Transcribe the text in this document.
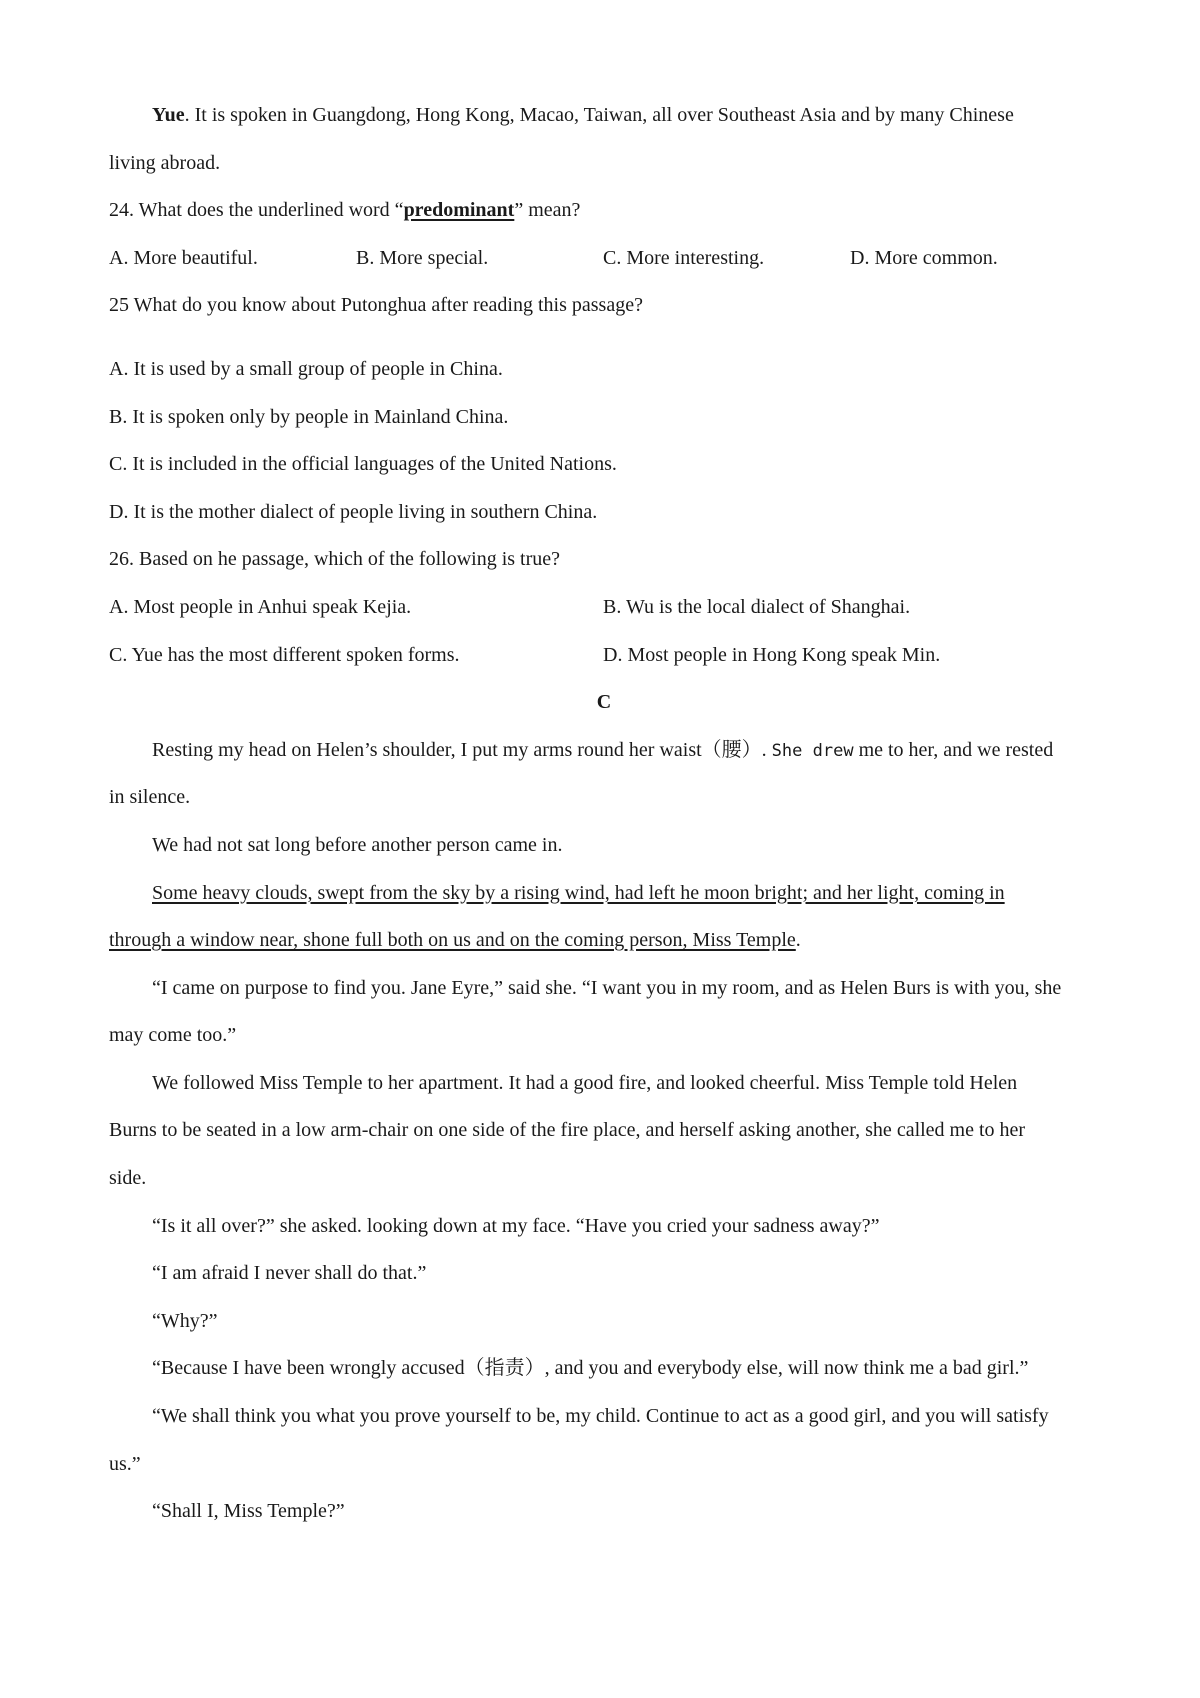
Yue. It is spoken in Guangdong, Hong Kong, Macao, Taiwan, all over Southeast Asia and by many Chinese
living abroad.
24. What does the underlined word “predominant” mean?
A. More beautiful.	B. More special.	C. More interesting.	D. More common.
25 What do you know about Putonghua after reading this passage?
A. It is used by a small group of people in China.
B. It is spoken only by people in Mainland China.
C. It is included in the official languages of the United Nations.
D. It is the mother dialect of people living in southern China.
26. Based on he passage, which of the following is true?
A. Most people in Anhui speak Kejia.	B. Wu is the local dialect of Shanghai.
C. Yue has the most different spoken forms.	D. Most people in Hong Kong speak Min.
C
Resting my head on Helen’s shoulder, I put my arms round her waist（腰）. She drew me to her, and we rested
in silence.
We had not sat long before another person came in.
Some heavy clouds, swept from the sky by a rising wind, had left he moon bright; and her light, coming in
through a window near, shone full both on us and on the coming person, Miss Temple.
“I came on purpose to find you. Jane Eyre,” said she. “I want you in my room, and as Helen Burs is with you, she
may come too.”
We followed Miss Temple to her apartment. It had a good fire, and looked cheerful. Miss Temple told Helen
Burns to be seated in a low arm-chair on one side of the fire place, and herself asking another, she called me to her
side.
“Is it all over?” she asked. looking down at my face. “Have you cried your sadness away?”
“I am afraid I never shall do that.”
“Why?”
“Because I have been wrongly accused（指责）, and you and everybody else, will now think me a bad girl.”
“We shall think you what you prove yourself to be, my child. Continue to act as a good girl, and you will satisfy
us.”
“Shall I, Miss Temple?”
